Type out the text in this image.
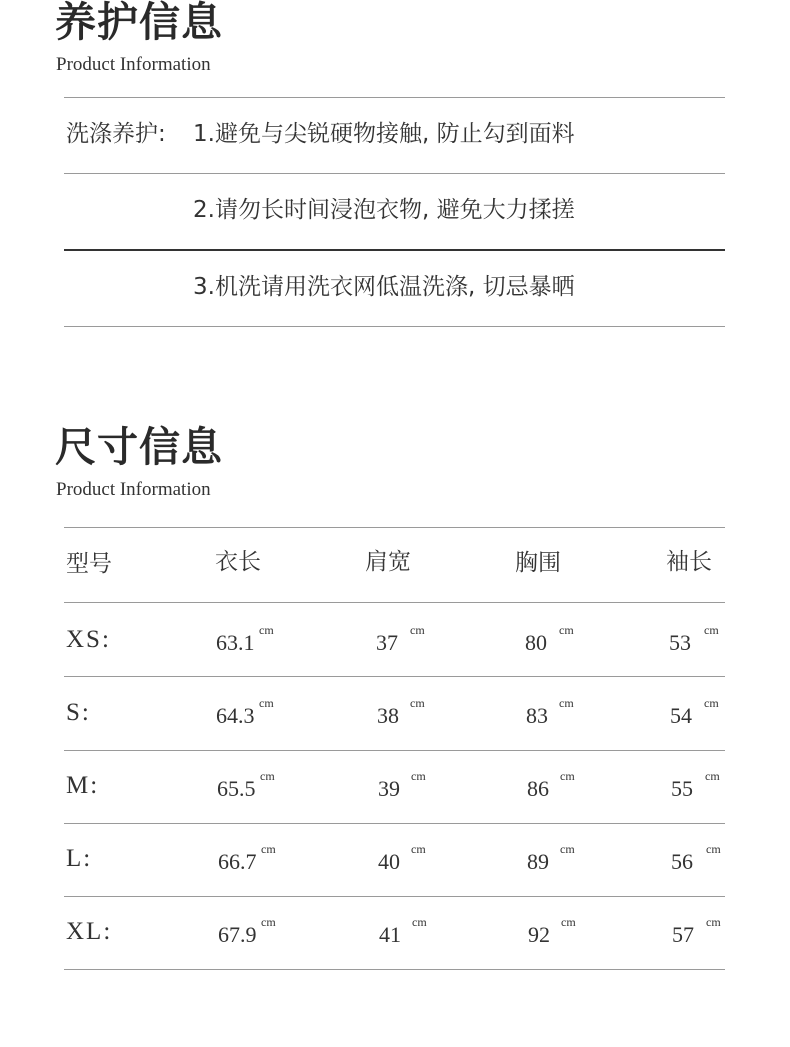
养护信息
Product Information
洗涤养护: 1.避免与尖锐硬物接触, 防止勾到面料
2.请勿长时间浸泡衣物, 避免大力揉搓
3.机洗请用洗衣网低温洗涤, 切忌暴晒
尺寸信息
Product Information
型号	衣长	肩宽	胸围	袖长
XS:	63.1 cm	37 cm	80 cm	53 cm
S:	64.3 cm	38 cm	83 cm	54 cm
M:	65.5 cm	39 cm	86 cm	55 cm
L:	66.7 cm	40 cm	89 cm	56 cm
XL:	67.9 cm	41 cm	92 cm	57 cm
